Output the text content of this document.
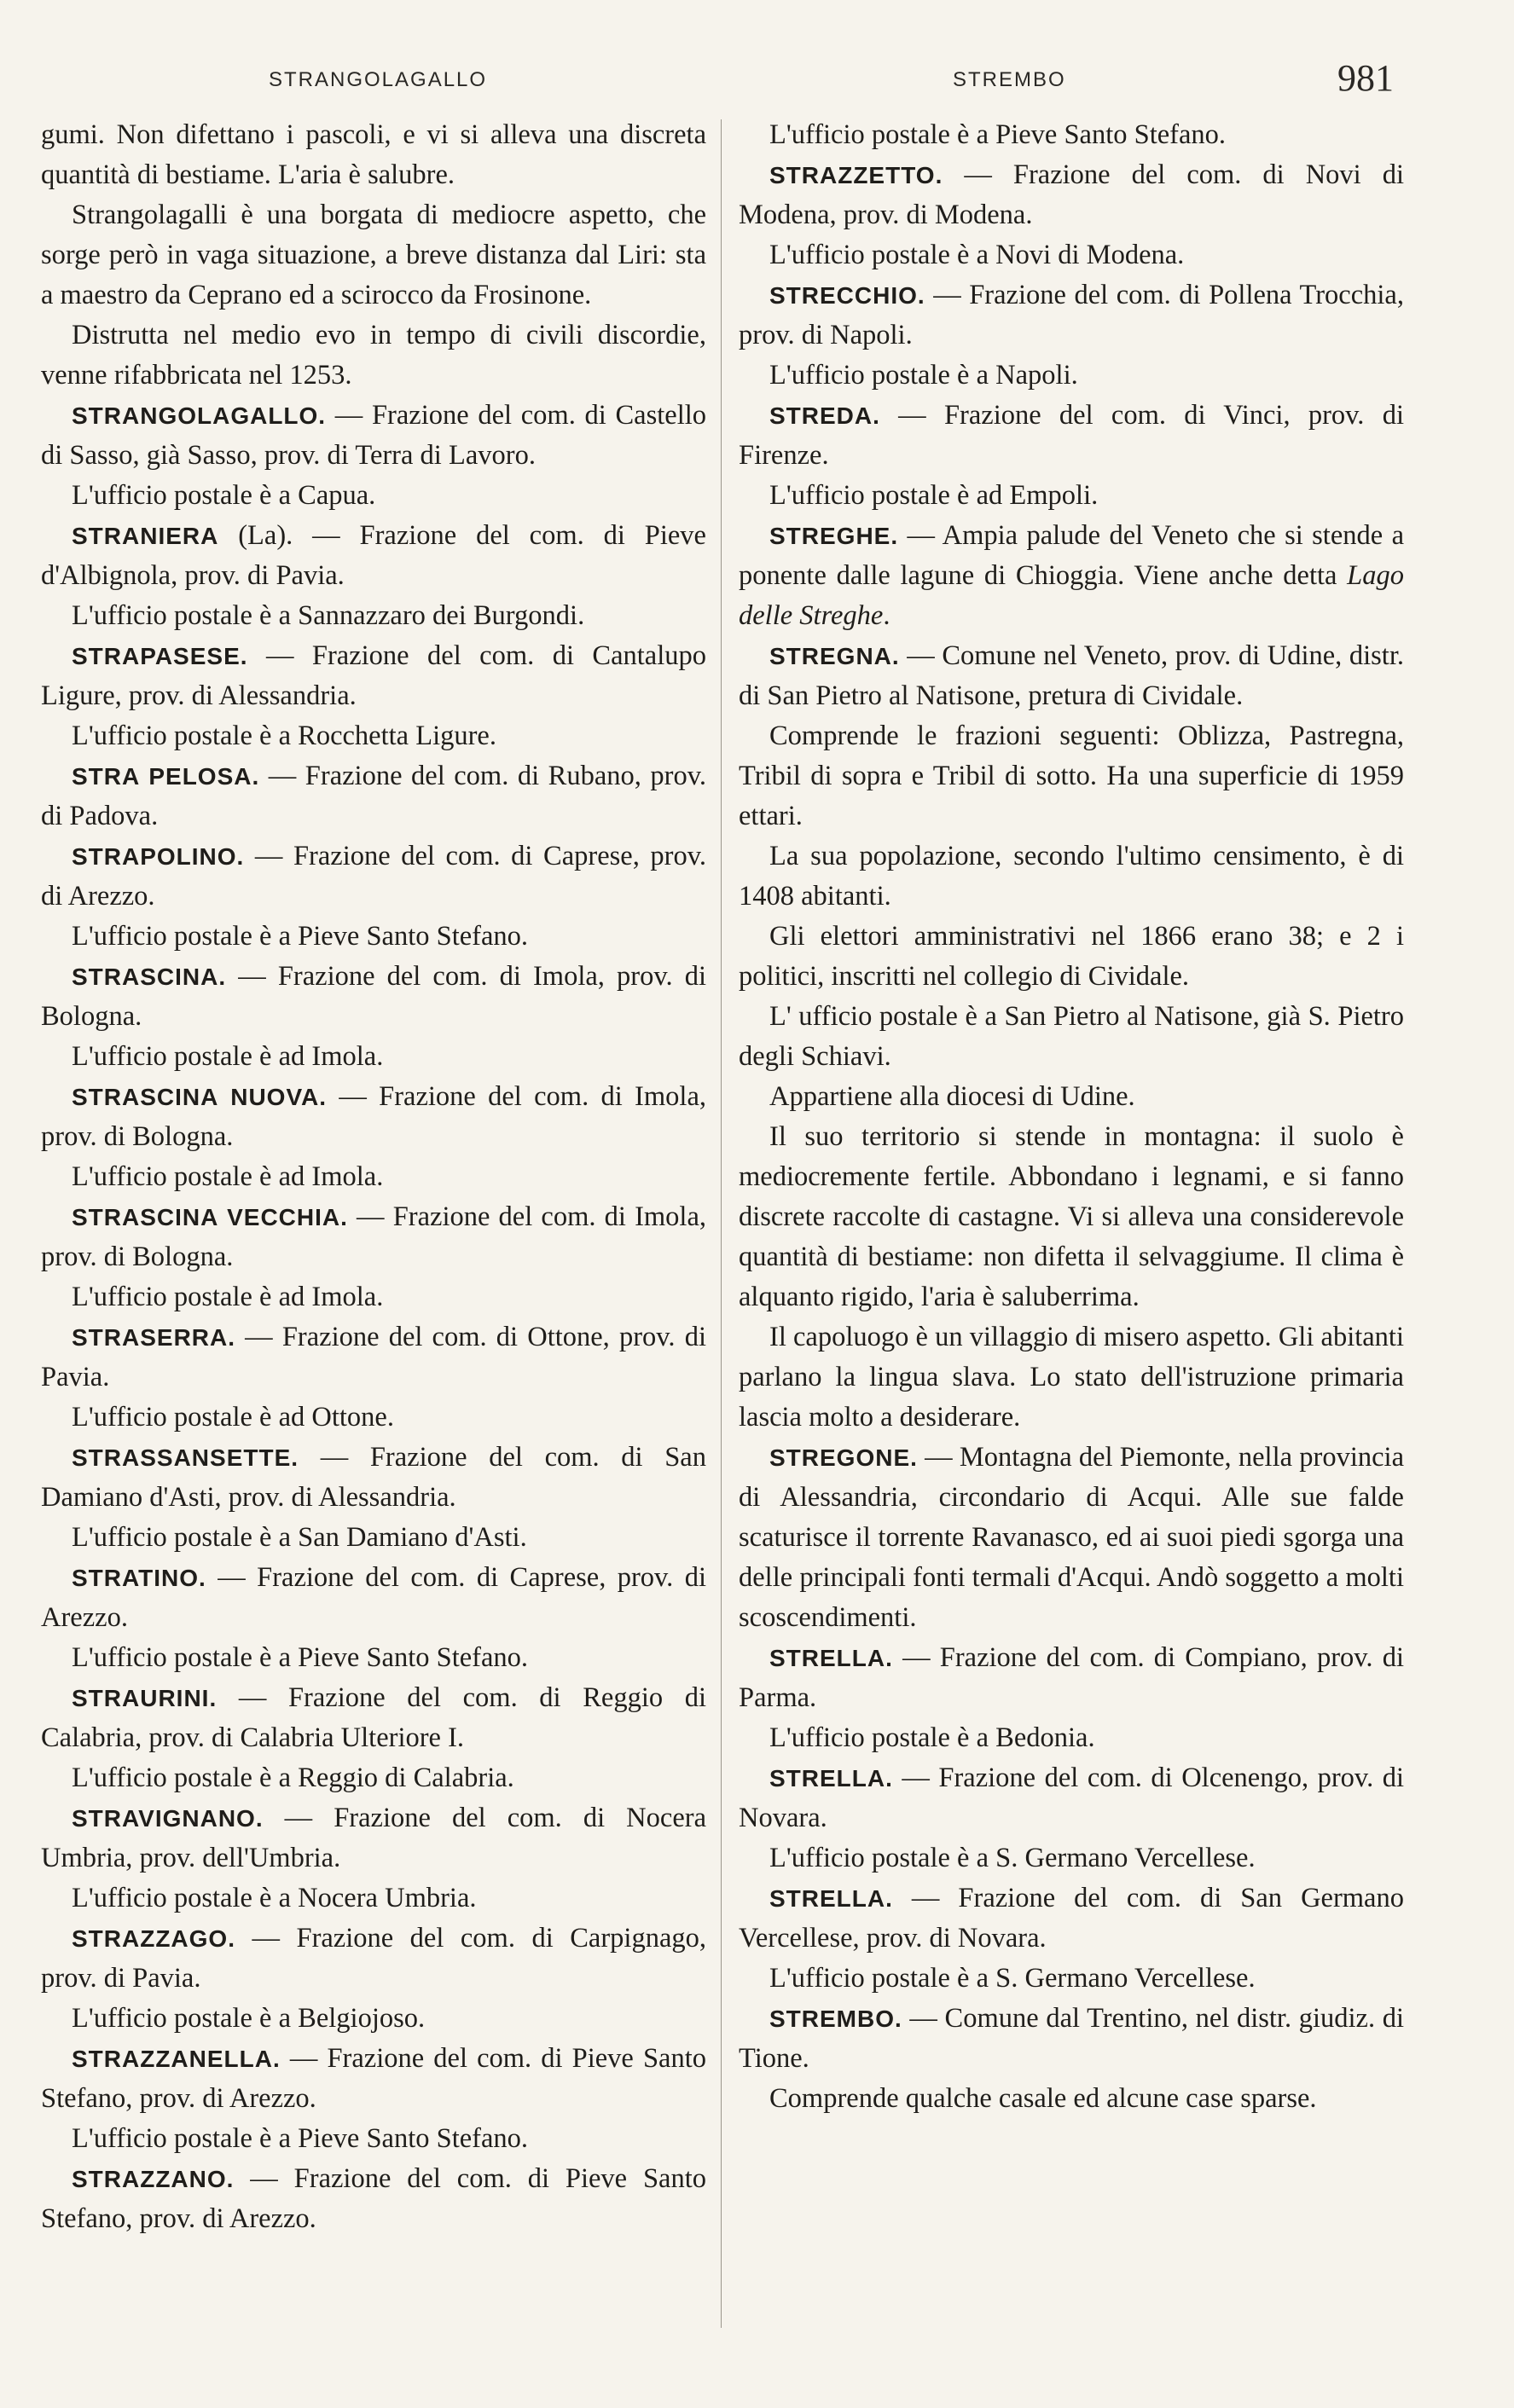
STRANGOLAGALLO	STREMBO	981

gumi. Non difettano i pascoli, e vi si alleva una discreta quantità di bestiame. L'aria è salubre.

Strangolagalli è una borgata di mediocre aspetto, che sorge però in vaga situazione, a breve distanza dal Liri: sta a maestro da Ceprano ed a scirocco da Frosinone.

Distrutta nel medio evo in tempo di civili discordie, venne rifabbricata nel 1253.

STRANGOLAGALLO. — Frazione del com. di Castello di Sasso, già Sasso, prov. di Terra di Lavoro.

L'ufficio postale è a Capua.

STRANIERA (La). — Frazione del com. di Pieve d'Albignola, prov. di Pavia.

L'ufficio postale è a Sannazzaro dei Burgondi.

STRAPASESE. — Frazione del com. di Cantalupo Ligure, prov. di Alessandria.

L'ufficio postale è a Rocchetta Ligure.

STRA PELOSA. — Frazione del com. di Rubano, prov. di Padova.

STRAPOLINO. — Frazione del com. di Caprese, prov. di Arezzo.

L'ufficio postale è a Pieve Santo Stefano.

STRASCINA. — Frazione del com. di Imola, prov. di Bologna.

L'ufficio postale è ad Imola.

STRASCINA NUOVA. — Frazione del com. di Imola, prov. di Bologna.

L'ufficio postale è ad Imola.

STRASCINA VECCHIA. — Frazione del com. di Imola, prov. di Bologna.

L'ufficio postale è ad Imola.

STRASERRA. — Frazione del com. di Ottone, prov. di Pavia.

L'ufficio postale è ad Ottone.

STRASSANSETTE. — Frazione del com. di San Damiano d'Asti, prov. di Alessandria.

L'ufficio postale è a San Damiano d'Asti.

STRATINO. — Frazione del com. di Caprese, prov. di Arezzo.

L'ufficio postale è a Pieve Santo Stefano.

STRAURINI. — Frazione del com. di Reggio di Calabria, prov. di Calabria Ulteriore I.

L'ufficio postale è a Reggio di Calabria.

STRAVIGNANO. — Frazione del com. di Nocera Umbria, prov. dell'Umbria.

L'ufficio postale è a Nocera Umbria.

STRAZZAGO. — Frazione del com. di Carpignago, prov. di Pavia.

L'ufficio postale è a Belgiojoso.

STRAZZANELLA. — Frazione del com. di Pieve Santo Stefano, prov. di Arezzo.

L'ufficio postale è a Pieve Santo Stefano.

STRAZZANO. — Frazione del com. di Pieve Santo Stefano, prov. di Arezzo.

L'ufficio postale è a Pieve Santo Stefano.

STRAZZETTO. — Frazione del com. di Novi di Modena, prov. di Modena.

L'ufficio postale è a Novi di Modena.

STRECCHIO. — Frazione del com. di Pollena Trocchia, prov. di Napoli.

L'ufficio postale è a Napoli.

STREDA. — Frazione del com. di Vinci, prov. di Firenze.

L'ufficio postale è ad Empoli.

STREGHE. — Ampia palude del Veneto che si stende a ponente dalle lagune di Chioggia. Viene anche detta Lago delle Streghe.

STREGNA. — Comune nel Veneto, prov. di Udine, distr. di San Pietro al Natisone, pretura di Cividale.

Comprende le frazioni seguenti: Oblizza, Pastregna, Tribil di sopra e Tribil di sotto. Ha una superficie di 1959 ettari.

La sua popolazione, secondo l'ultimo censimento, è di 1408 abitanti.

Gli elettori amministrativi nel 1866 erano 38; e 2 i politici, inscritti nel collegio di Cividale.

L' ufficio postale è a San Pietro al Natisone, già S. Pietro degli Schiavi.

Appartiene alla diocesi di Udine.

Il suo territorio si stende in montagna: il suolo è mediocremente fertile. Abbondano i legnami, e si fanno discrete raccolte di castagne. Vi si alleva una considerevole quantità di bestiame: non difetta il selvaggiume. Il clima è alquanto rigido, l'aria è saluberrima.

Il capoluogo è un villaggio di misero aspetto. Gli abitanti parlano la lingua slava. Lo stato dell'istruzione primaria lascia molto a desiderare.

STREGONE. — Montagna del Piemonte, nella provincia di Alessandria, circondario di Acqui. Alle sue falde scaturisce il torrente Ravanasco, ed ai suoi piedi sgorga una delle principali fonti termali d'Acqui. Andò soggetto a molti scoscendimenti.

STRELLA. — Frazione del com. di Compiano, prov. di Parma.

L'ufficio postale è a Bedonia.

STRELLA. — Frazione del com. di Olcenengo, prov. di Novara.

L'ufficio postale è a S. Germano Vercellese.

STRELLA. — Frazione del com. di San Germano Vercellese, prov. di Novara.

L'ufficio postale è a S. Germano Vercellese.

STREMBO. — Comune dal Trentino, nel distr. giudiz. di Tione.

Comprende qualche casale ed alcune case sparse.
